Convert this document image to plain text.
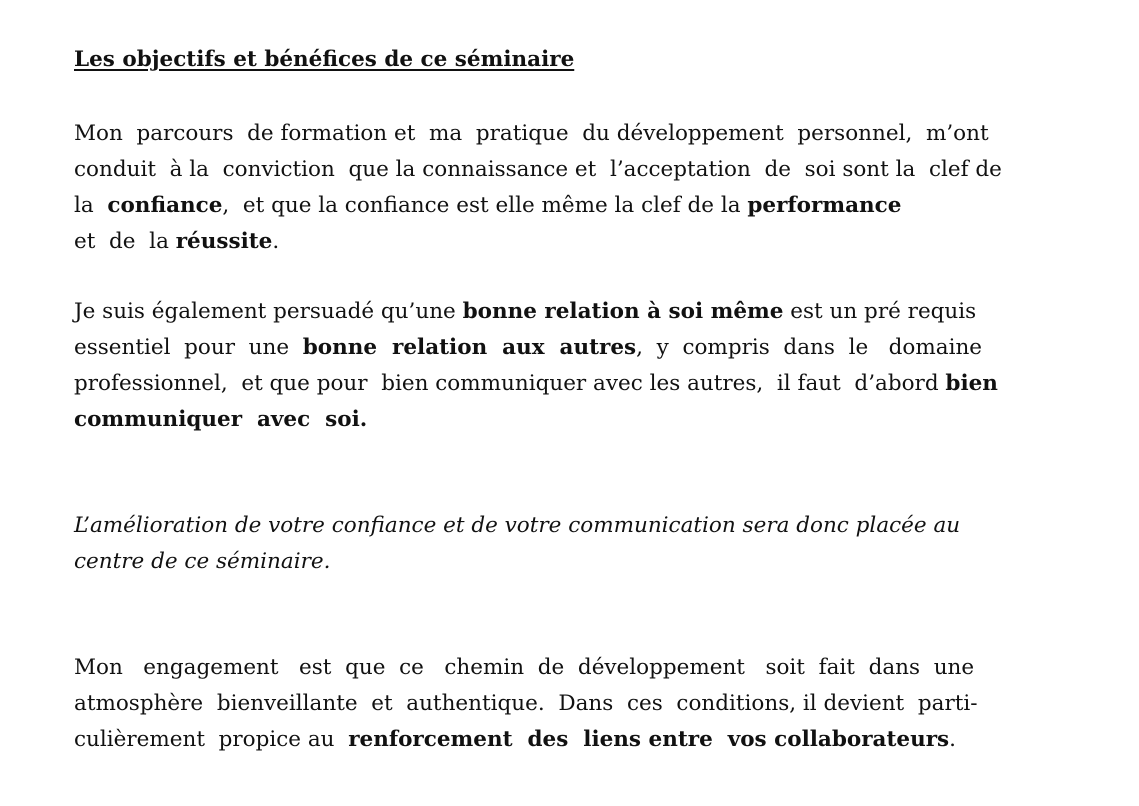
Les objectifs et bénéfices de ce séminaire
Mon  parcours  de formation et  ma  pratique  du développement  personnel,  m’ont
conduit  à la  conviction  que la connaissance et  l’acceptation  de  soi sont la  clef de
la confiance,  et que la confiance est elle même la clef de la performance
et  de  la réussite.
Je suis également persuadé qu’une bonne relation à soi même est un pré requis
essentiel  pour  une  bonne  relation  aux  autres,  y  compris  dans  le   domaine
professionnel,  et que pour  bien communiquer avec les autres,  il faut  d’abord bien
communiquer  avec  soi.
L’amélioration de votre confiance et de votre communication sera donc placée au
centre de ce séminaire.
Mon   engagement   est  que  ce   chemin  de  développement   soit  fait  dans  une
atmosphère  bienveillante  et  authentique.  Dans  ces  conditions, il devient  parti-
culièrement  propice au  renforcement  des  liens entre  vos collaborateurs.
